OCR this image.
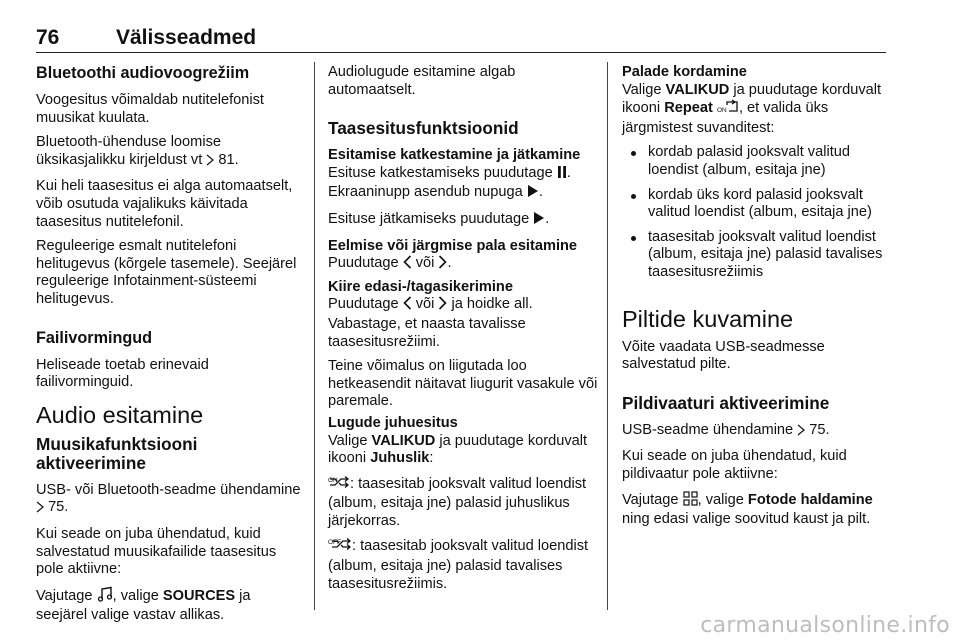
76	Välisseadmed
Bluetoothi audiovoogrežiim

Voogesitus võimaldab nutitelefonist muusikat kuulata.

Bluetooth-ühenduse loomise üksikasjalikku kirjeldust vt 81.

Kui heli taasesitus ei alga automaatselt, võib osutuda vajalikuks käivitada taasesitus nutitelefonil.

Reguleerige esmalt nutitelefoni helitugevus (kõrgele tasemele). Seejärel reguleerige Infotainment-süsteemi helitugevus.

Failivormingud

Heliseade toetab erinevaid failivorminguid.

Audio esitamine
Muusikafunktsiooni aktiveerimine

USB- või Bluetooth-seadme ühendamine  75.

Kui seade on juba ühendatud, kuid salvestatud muusikafailide taasesitus pole aktiivne:

Vajutage , valige SOURCES ja seejärel valige vastav allikas.

Audiolugude esitamine algab automaatselt.

Taasesitusfunktsioonid
Esitamise katkestamine ja jätkamine

Esituse katkestamiseks puudutage . Ekraaninupp asendub nupuga .

Esituse jätkamiseks puudutage .

Eelmise või järgmise pala esitamine

Puudutage või .

Kiire edasi-/tagasikerimine

Puudutage või ja hoidke all. Vabastage, et naasta tavalisse taasesitusrežiimi.

Teine võimalus on liigutada loo hetkeasendit näitavat liugurit vasakule või paremale.

Lugude juhuesitus

Valige VALIKUD ja puudutage korduvalt ikooni Juhuslik:

ON : taasesitab jooksvalt valitud loendist (album, esitaja jne) palasid juhuslikus järjekorras.

OFF : taasesitab jooksvalt valitud loendist (album, esitaja jne) palasid tavalises taasesitusrežiimis.

Palade kordamine

Valige VALIKUD ja puudutage korduvalt ikooni Repeat ON , et valida üks järgmistest suvanditest:

kordab palasid jooksvalt valitud loendist (album, esitaja jne)
kordab üks kord palasid jooksvalt valitud loendist (album, esitaja jne)
taasesitab jooksvalt valitud loendist (album, esitaja jne) palasid tavalises taasesitusrežiimis
Piltide kuvamine

Võite vaadata USB-seadmesse salvestatud pilte.

Pildivaaturi aktiveerimine

USB-seadme ühendamine 75.

Kui seade on juba ühendatud, kuid pildivaatur pole aktiivne:

Vajutage , valige Fotode haldamine ning edasi valige soovitud kaust ja pilt.

carmanualsonline.info
